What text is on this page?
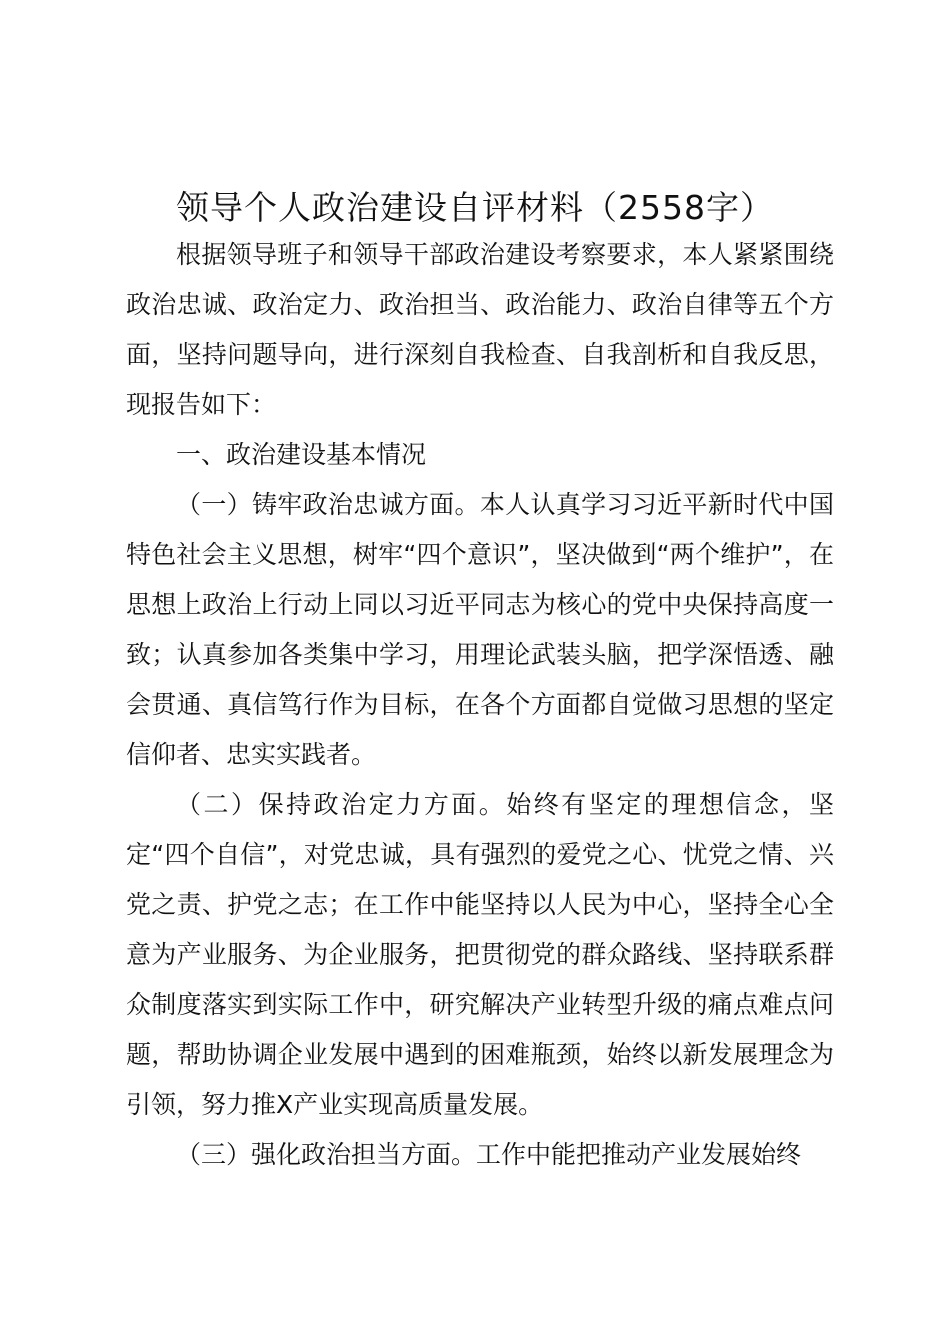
领导个人政治建设自评材料（2558字）

根据领导班子和领导干部政治建设考察要求，本人紧紧围绕政治忠诚、政治定力、政治担当、政治能力、政治自律等五个方面，坚持问题导向，进行深刻自我检查、自我剖析和自我反思，现报告如下：

一、政治建设基本情况

（一）铸牢政治忠诚方面。本人认真学习习近平新时代中国特色社会主义思想，树牢“四个意识”，坚决做到“两个维护”，在思想上政治上行动上同以习近平同志为核心的党中央保持高度一致；认真参加各类集中学习，用理论武装头脑，把学深悟透、融会贯通、真信笃行作为目标，在各个方面都自觉做习思想的坚定信仰者、忠实实践者。

（二）保持政治定力方面。始终有坚定的理想信念，坚定“四个自信”，对党忠诚，具有强烈的爱党之心、忧党之情、兴党之责、护党之志；在工作中能坚持以人民为中心，坚持全心全意为产业服务、为企业服务，把贯彻党的群众路线、坚持联系群众制度落实到实际工作中，研究解决产业转型升级的痛点难点问题，帮助协调企业发展中遇到的困难瓶颈，始终以新发展理念为引领，努力推X产业实现高质量发展。

（三）强化政治担当方面。工作中能把推动产业发展始终
